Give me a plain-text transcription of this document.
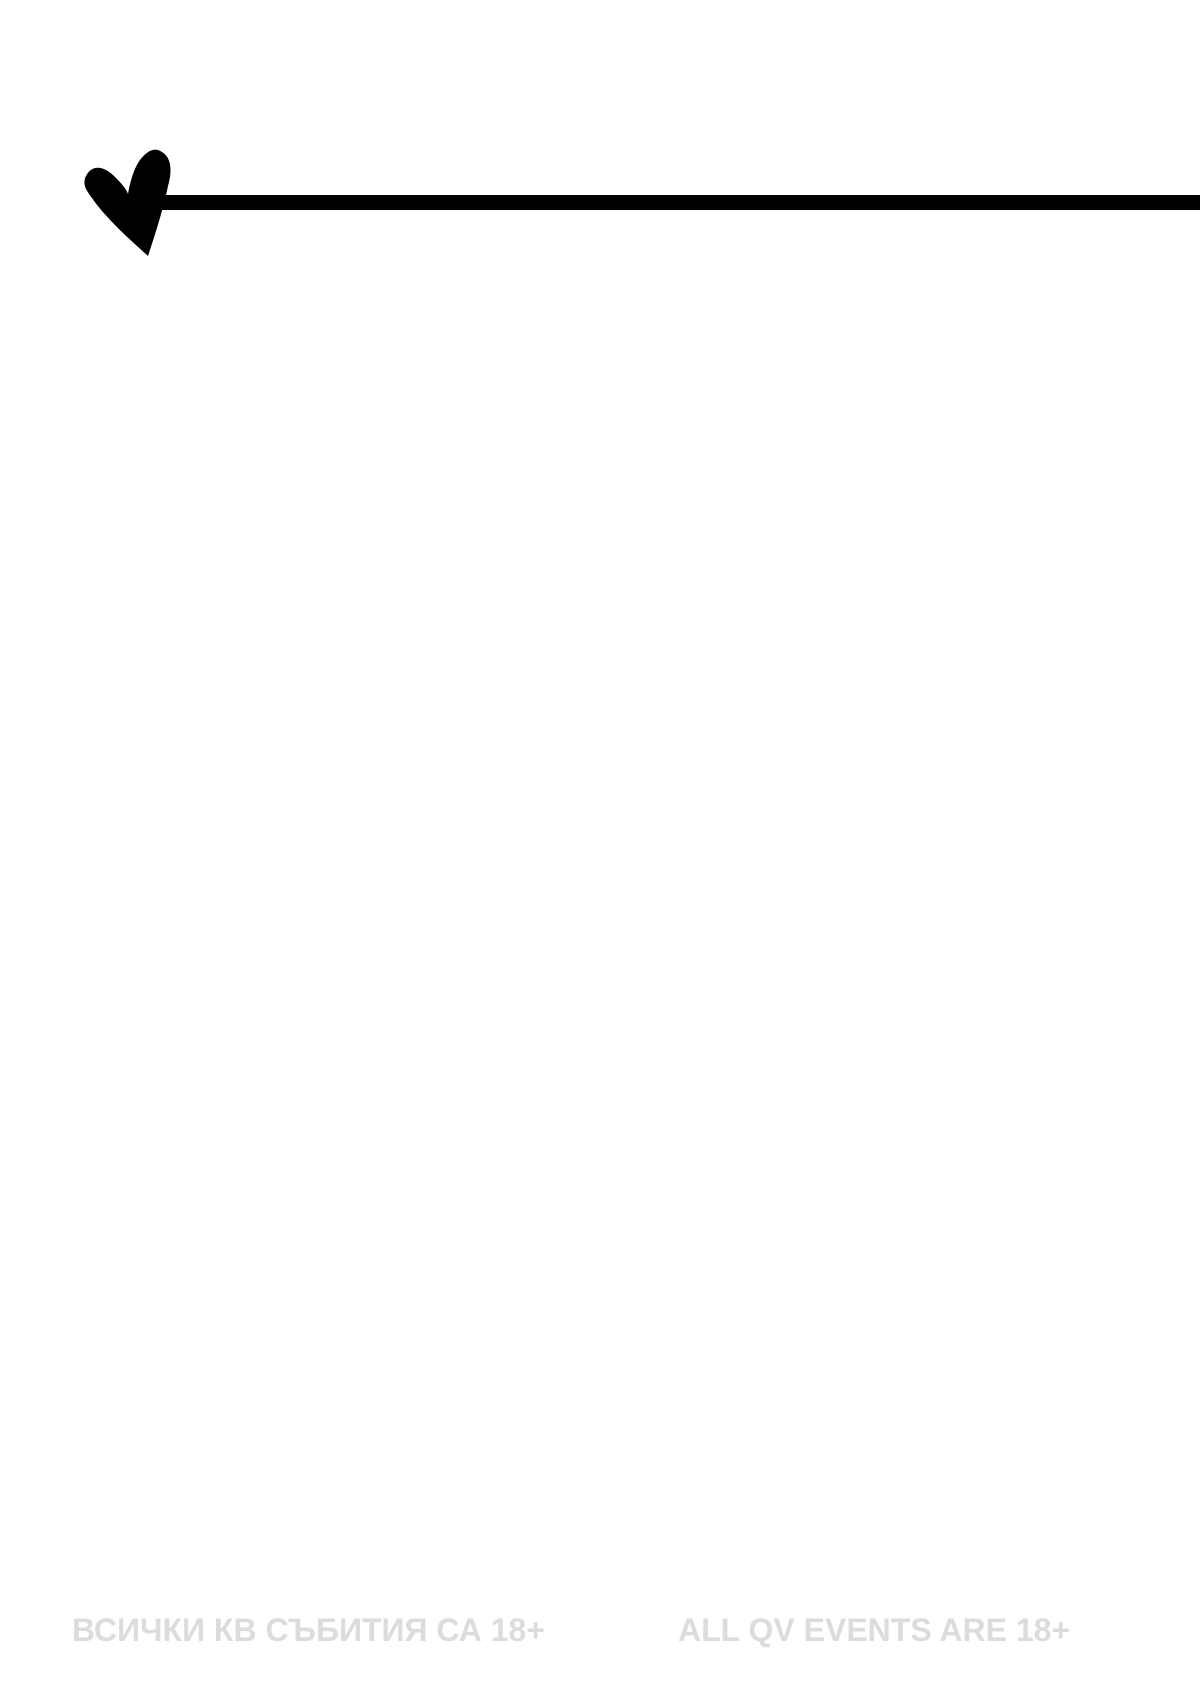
ВСИЧКИ КВ СЪБИТИЯ СА 18+	ALL QV EVENTS ARE 18+
